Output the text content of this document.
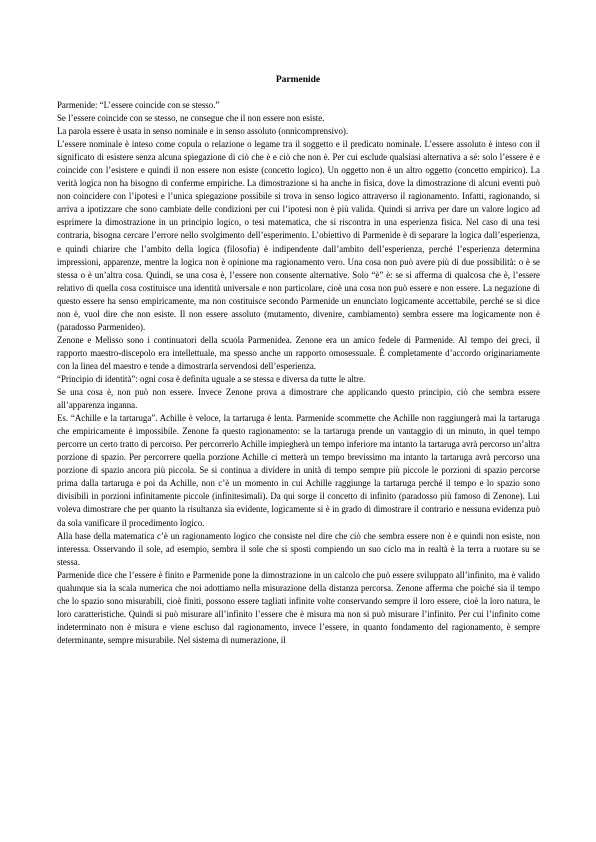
Parmenide

Parmenide: “L’essere coincide con se stesso.”

Se l’essere coincide con se stesso, ne consegue che il non essere non esiste.

La parola essere è usata in senso nominale e in senso assoluto (onnicomprensivo).

L’essere nominale è inteso come copula o relazione o legame tra il soggetto e il predicato nominale. L’essere assoluto è inteso con il significato di esistere senza alcuna spiegazione di ciò che è e ciò che non è. Per cui esclude qualsiasi alternativa a sé: solo l’essere è e coincide con l’esistere e quindi il non essere non esiste (concetto logico). Un oggetto non è un altro oggetto (concetto empirico). La verità logica non ha bisogno di conferme empiriche. La dimostrazione si ha anche in fisica, dove la dimostrazione di alcuni eventi può non coincidere con l’ipotesi e l’unica spiegazione possibile si trova in senso logico attraverso il ragionamento. Infatti, ragionando, si arriva a ipotizzare che sono cambiate delle condizioni per cui l’ipotesi non è più valida. Quindi si arriva per dare un valore logico ad esprimere la dimostrazione in un principio logico, o tesi matematica, che si riscontra in una esperienza fisica. Nel caso di una tesi contraria, bisogna cercare l’errore nello svolgimento dell’esperimento. L’obiettivo di Parmenide è di separare la logica dall’esperienza, e quindi chiarire che l’ambito della logica (filosofia) è indipendente dall’ambito dell’esperienza, perché l’esperienza determina impressioni, apparenze, mentre la logica non è opinione ma ragionamento vero. Una cosa non può avere più di due possibilità: o è se stessa o è un’altra cosa. Quindi, se una cosa è, l’essere non consente alternative. Solo “è” è: se si afferma di qualcosa che è, l’essere relativo di quella cosa costituisce una identità universale e non particolare, cioè una cosa non può essere e non essere. La negazione di questo essere ha senso empiricamente, ma non costituisce secondo Parmenide un enunciato logicamente accettabile, perché se si dice non è, vuol dire che non esiste. Il non essere assoluto (mutamento, divenire, cambiamento) sembra essere ma logicamente non è (paradosso Parmenideo).

Zenone e Melisso sono i continuatori della scuola Parmenidea. Zenone era un amico fedele di Parmenide. Al tempo dei greci, il rapporto maestro-discepolo era intellettuale, ma spesso anche un rapporto omosessuale. È completamente d’accordo originariamente con la linea del maestro e tende a dimostrarla servendosi dell’esperienza.

“Principio di identità”: ogni cosa è definita uguale a se stessa e diversa da tutte le altre.

Se una cosa è, non può non essere. Invece Zenone prova a dimostrare che applicando questo principio, ciò che sembra essere all’apparenza inganna.

Es. “Achille e la tartaruga”. Achille è veloce, la tartaruga è lenta. Parmenide scommette che Achille non raggiungerà mai la tartaruga che empiricamente è impossibile. Zenone fa questo ragionamento: se la tartaruga prende un vantaggio di un minuto, in quel tempo percorre un certo tratto di percorso. Per percorrerlo Achille impiegherà un tempo inferiore ma intanto la tartaruga avrà percorso un’altra porzione di spazio. Per percorrere quella porzione Achille ci metterà un tempo brevissimo ma intanto la tartaruga avrà percorso una porzione di spazio ancora più piccola. Se si continua a dividere in unità di tempo sempre più piccole le porzioni di spazio percorse prima dalla tartaruga e poi da Achille, non c’è un momento in cui Achille raggiunge la tartaruga perché il tempo e lo spazio sono divisibili in porzioni infinitamente piccole (infinitesimali). Da qui sorge il concetto di infinito (paradosso più famoso di Zenone). Lui voleva dimostrare che per quanto la risultanza sia evidente, logicamente si è in grado di dimostrare il contrario e nessuna evidenza può da sola vanificare il procedimento logico.

Alla base della matematica c’è un ragionamento logico che consiste nel dire che ciò che sembra essere non è e quindi non esiste, non interessa. Osservando il sole, ad esempio, sembra il sole che si sposti compiendo un suo ciclo ma in realtà è la terra a ruotare su se stessa.

Parmenide dice che l’essere è finito e Parmenide pone la dimostrazione in un calcolo che può essere sviluppato all’infinito, ma è valido qualunque sia la scala numerica che noi adottiamo nella misurazione della distanza percorsa. Zenone afferma che poiché sia il tempo che lo spazio sono misurabili, cioè finiti, possono essere tagliati infinite volte conservando sempre il loro essere, cioè la loro natura, le loro caratteristiche. Quindi si può misurare all’infinito l’essere che è misura ma non si può misurare l’infinito. Per cui l’infinito come indeterminato non è misura e viene escluso dal ragionamento, invece l’essere, in quanto fondamento del ragionamento, è sempre determinante, sempre misurabile. Nel sistema di numerazione, il
